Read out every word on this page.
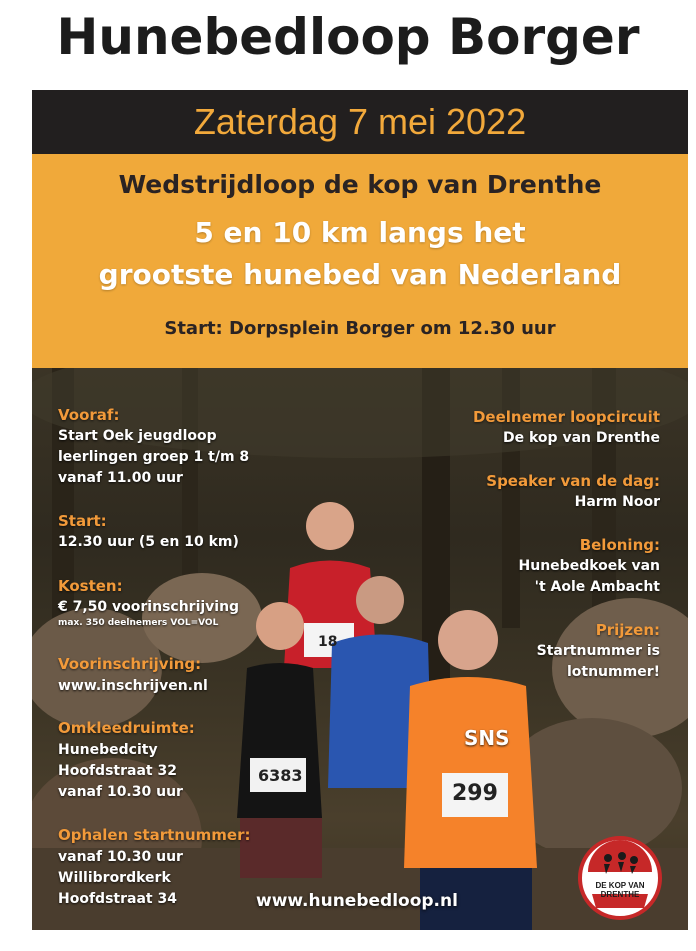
Hunebedloop Borger
Zaterdag 7 mei 2022
Wedstrijdloop de kop van Drenthe
5 en 10 km langs het
grootste hunebed van Nederland
Start: Dorpsplein Borger om 12.30 uur
18
6383
299
SNS
Vooraf:
Start Oek jeugdloop
leerlingen groep 1 t/m 8
vanaf 11.00 uur
Start:
12.30 uur (5 en 10 km)
Kosten:
€ 7,50 voorinschrijving
max. 350 deelnemers VOL=VOL
Voorinschrijving:
www.inschrijven.nl
Omkleedruimte:
Hunebedcity
Hoofdstraat 32
vanaf 10.30 uur
Ophalen startnummer:
vanaf 10.30 uur
Willibrordkerk
Hoofdstraat 34
Deelnemer loopcircuit
De kop van Drenthe
Speaker van de dag:
Harm Noor
Beloning:
Hunebedkoek van
't Aole Ambacht
Prijzen:
Startnummer is
lotnummer!
www.hunebedloop.nl
DE KOP VAN DRENTHE
